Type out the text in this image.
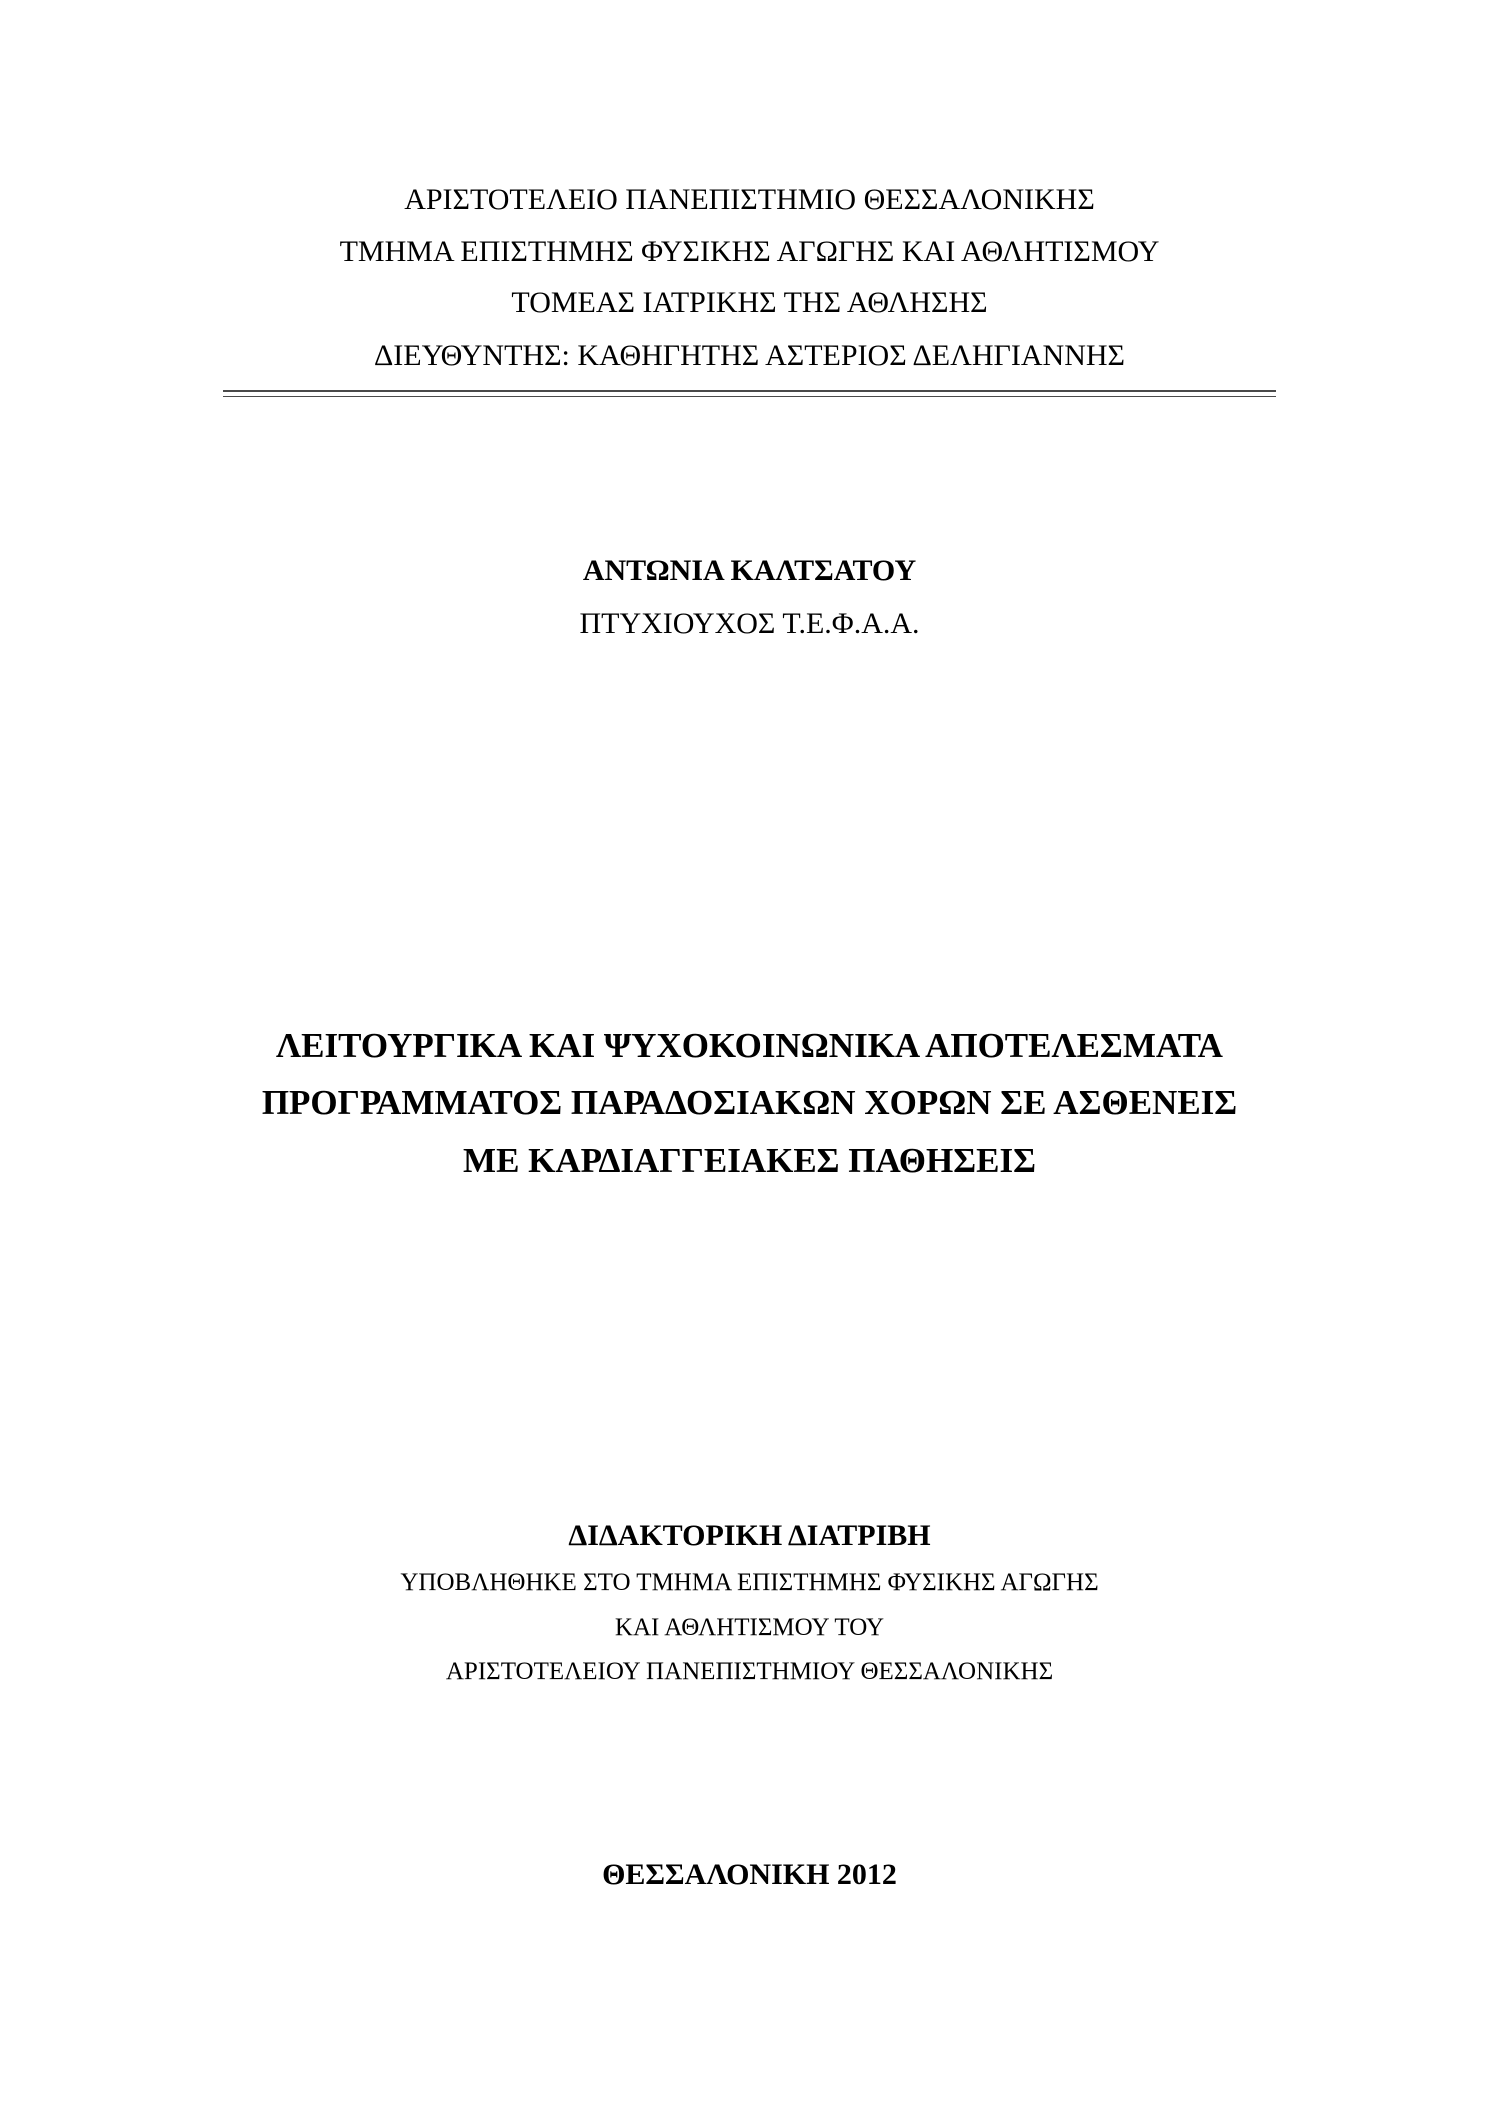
ΑΡΙΣΤΟΤΕΛΕΙΟ ΠΑΝΕΠΙΣΤΗΜΙΟ ΘΕΣΣΑΛΟΝΙΚΗΣ
ΤΜΗΜΑ ΕΠΙΣΤΗΜΗΣ ΦΥΣΙΚΗΣ ΑΓΩΓΗΣ ΚΑΙ ΑΘΛΗΤΙΣΜΟΥ
ΤΟΜΕΑΣ ΙΑΤΡΙΚΗΣ ΤΗΣ ΑΘΛΗΣΗΣ
ΔΙΕΥΘΥΝΤΗΣ: ΚΑΘΗΓΗΤΗΣ ΑΣΤΕΡΙΟΣ ΔΕΛΗΓΙΑΝΝΗΣ
ΑΝΤΩΝΙΑ ΚΑΛΤΣΑΤΟΥ
ΠΤΥΧΙΟΥΧΟΣ Τ.Ε.Φ.Α.Α.
ΛΕΙΤΟΥΡΓΙΚΑ ΚΑΙ ΨΥΧΟΚΟΙΝΩΝΙΚΑ ΑΠΟΤΕΛΕΣΜΑΤΑ
ΠΡΟΓΡΑΜΜΑΤΟΣ ΠΑΡΑΔΟΣΙΑΚΩΝ ΧΟΡΩΝ ΣΕ ΑΣΘΕΝΕΙΣ
ΜΕ ΚΑΡΔΙΑΓΓΕΙΑΚΕΣ ΠΑΘΗΣΕΙΣ
ΔΙΔΑΚΤΟΡΙΚΗ ΔΙΑΤΡΙΒΗ
ΥΠΟΒΛΗΘΗΚΕ ΣΤΟ ΤΜΗΜΑ ΕΠΙΣΤΗΜΗΣ ΦΥΣΙΚΗΣ ΑΓΩΓΗΣ
ΚΑΙ ΑΘΛΗΤΙΣΜΟΥ ΤΟΥ
ΑΡΙΣΤΟΤΕΛΕΙΟΥ ΠΑΝΕΠΙΣΤΗΜΙΟΥ ΘΕΣΣΑΛΟΝΙΚΗΣ
ΘΕΣΣΑΛΟΝΙΚΗ 2012
